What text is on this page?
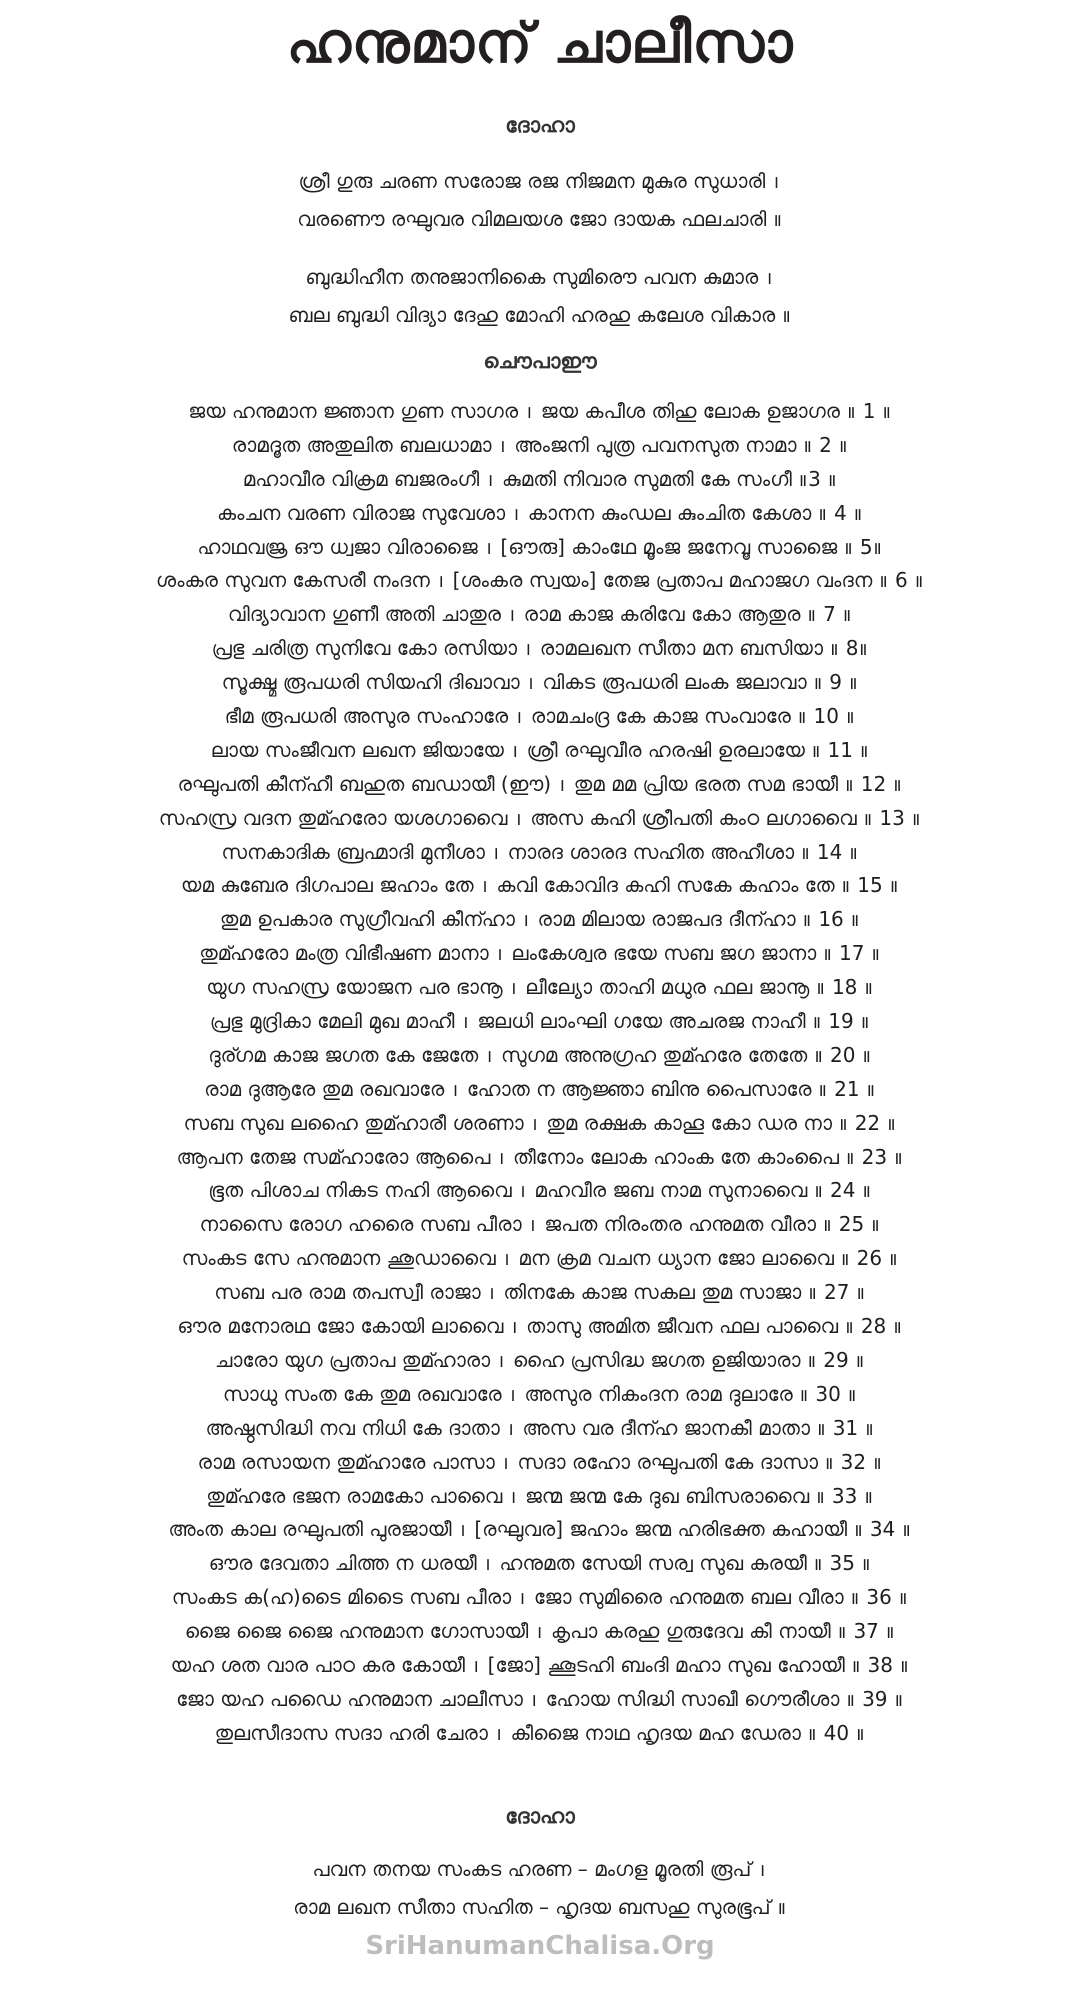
ഹനുമാന് ചാലീസാ
ദോഹാ
ശ്രീ ഗുരു ചരണ സരോജ രജ നിജമന മുകുര സുധാരി ।
വരണൌ രഘുവര വിമലയശ ജോ ദായക ഫലചാരി ॥
ബുദ്ധിഹീന തനുജാനികൈ സുമിരൌ പവന കുമാര ।
ബല ബുദ്ധി വിദ്യാ ദേഹു മോഹി ഹരഹു കലേശ വികാര ॥
ചൌപാഈ
ജയ ഹനുമാന ജ്ഞാന ഗുണ സാഗര । ജയ കപീശ തിഹു ലോക ഉജാഗര ॥ 1 ॥
രാമദൂത അതുലിത ബലധാമാ । അംജനി പുത്ര പവനസുത നാമാ ॥ 2 ॥
മഹാവീര വിക്രമ ബജരംഗീ । കുമതി നിവാര സുമതി കേ സംഗീ ॥3 ॥
കംചന വരണ വിരാജ സുവേശാ । കാനന കുംഡല കുംചിത കേശാ ॥ 4 ॥
ഹാഥവജ്ര ഔ ധ്വജാ വിരാജൈ । [ഔരു] കാംഥേ മൂംജ ജനേവൂ സാജൈ ॥ 5॥
ശംകര സുവന കേസരീ നംദന । [ശംകര സ്വയം] തേജ പ്രതാപ മഹാജഗ വംദന ॥ 6 ॥
വിദ്യാവാന ഗുണീ അതി ചാതുര । രാമ കാജ കരിവേ കോ ആതുര ॥ 7 ॥
പ്രഭു ചരിത്ര സുനിവേ കോ രസിയാ । രാമലഖന സീതാ മന ബസിയാ ॥ 8॥
സൂക്ഷ്മ രൂപധരി സിയഹി ദിഖാവാ । വികട രൂപധരി ലംക ജലാവാ ॥ 9 ॥
ഭീമ രൂപധരി അസുര സംഹാരേ । രാമചംദ്ര കേ കാജ സംവാരേ ॥ 10 ॥
ലായ സംജീവന ലഖന ജിയായേ । ശ്രീ രഘുവീര ഹരഷി ഉരലായേ ॥ 11 ॥
രഘുപതി കീന്ഹീ ബഹുത ബഡായീ (ഈ) । തുമ മമ പ്രിയ ഭരത സമ ഭായീ ॥ 12 ॥
സഹസ്ര വദന തുമ്ഹരോ യശഗാവൈ । അസ കഹി ശ്രീപതി കംഠ ലഗാവൈ ॥ 13 ॥
സനകാദിക ബ്രഹ്മാദി മുനീശാ । നാരദ ശാരദ സഹിത അഹീശാ ॥ 14 ॥
യമ കുബേര ദിഗപാല ജഹാം തേ । കവി കോവിദ കഹി സകേ കഹാം തേ ॥ 15 ॥
തുമ ഉപകാര സുഗ്രീവഹി കീന്ഹാ । രാമ മിലായ രാജപദ ദീന്ഹാ ॥ 16 ॥
തുമ്ഹരോ മംത്ര വിഭീഷണ മാനാ । ലംകേശ്വര ഭയേ സബ ജഗ ജാനാ ॥ 17 ॥
യുഗ സഹസ്ര യോജന പര ഭാനൂ । ലീല്യോ താഹി മധുര ഫല ജാനൂ ॥ 18 ॥
പ്രഭു മുദ്രികാ മേലി മുഖ മാഹീ । ജലധി ലാംഘി ഗയേ അചരജ നാഹീ ॥ 19 ॥
ദുര്ഗമ കാജ ജഗത കേ ജേതേ । സുഗമ അനുഗ്രഹ തുമ്ഹരേ തേതേ ॥ 20 ॥
രാമ ദുആരേ തുമ രഖവാരേ । ഹോത ന ആജ്ഞാ ബിനു പൈസാരേ ॥ 21 ॥
സബ സുഖ ലഹൈ തുമ്ഹാരീ ശരണാ । തുമ രക്ഷക കാഹൂ കോ ഡര നാ ॥ 22 ॥
ആപന തേജ സമ്ഹാരോ ആപൈ । തീനോം ലോക ഹാംക തേ കാംപൈ ॥ 23 ॥
ഭൂത പിശാച നികട നഹി ആവൈ । മഹവീര ജബ നാമ സുനാവൈ ॥ 24 ॥
നാസൈ രോഗ ഹരൈ സബ പീരാ । ജപത നിരംതര ഹനുമത വീരാ ॥ 25 ॥
സംകട സേ ഹനുമാന ഛുഡാവൈ । മന ക്രമ വചന ധ്യാന ജോ ലാവൈ ॥ 26 ॥
സബ പര രാമ തപസ്വീ രാജാ । തിനകേ കാജ സകല തുമ സാജാ ॥ 27 ॥
ഔര മനോരഥ ജോ കോയി ലാവൈ । താസു അമിത ജീവന ഫല പാവൈ ॥ 28 ॥
ചാരോ യുഗ പ്രതാപ തുമ്ഹാരാ । ഹൈ പ്രസിദ്ധ ജഗത ഉജിയാരാ ॥ 29 ॥
സാധു സംത കേ തുമ രഖവാരേ । അസുര നികംദന രാമ ദുലാരേ ॥ 30 ॥
അഷ്ഠസിദ്ധി നവ നിധി കേ ദാതാ । അസ വര ദീന്ഹ ജാനകീ മാതാ ॥ 31 ॥
രാമ രസായന തുമ്ഹാരേ പാസാ । സദാ രഹോ രഘുപതി കേ ദാസാ ॥ 32 ॥
തുമ്ഹരേ ഭജന രാമകോ പാവൈ । ജന്മ ജന്മ കേ ദുഖ ബിസരാവൈ ॥ 33 ॥
അംത കാല രഘുപതി പുരജായീ । [രഘുവര] ജഹാം ജന്മ ഹരിഭക്ത കഹായീ ॥ 34 ॥
ഔര ദേവതാ ചിത്ത ന ധരയീ । ഹനുമത സേയി സര്വ സുഖ കരയീ ॥ 35 ॥
സംകട ക(ഹ)ടൈ മിടൈ സബ പീരാ । ജോ സുമിരൈ ഹനുമത ബല വീരാ ॥ 36 ॥
ജൈ ജൈ ജൈ ഹനുമാന ഗോസായീ । കൃപാ കരഹു ഗുരുദേവ കീ നായീ ॥ 37 ॥
യഹ ശത വാര പാഠ കര കോയീ । [ജോ] ഛൂടഹി ബംദി മഹാ സുഖ ഹോയീ ॥ 38 ॥
ജോ യഹ പഡൈ ഹനുമാന ചാലീസാ । ഹോയ സിദ്ധി സാഖീ ഗൌരീശാ ॥ 39 ॥
തുലസീദാസ സദാ ഹരി ചേരാ । കീജൈ നാഥ ഹൃദയ മഹ ഡേരാ ॥ 40 ॥
ദോഹാ
പവന തനയ സംകട ഹരണ – മംഗള മൂരതി രൂപ് ।
രാമ ലഖന സീതാ സഹിത – ഹൃദയ ബസഹു സുരഭൂപ് ॥
SriHanumanChalisa.Org
